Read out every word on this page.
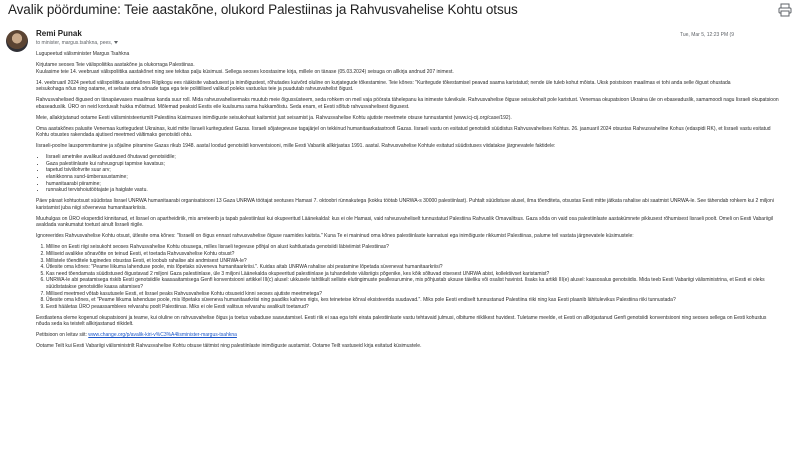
Avalik pöördumine: Teie aastakõne, olukord Palestiinas ja Rahvusvahelise Kohtu otsus
Remi Punak
to minister, margus.tsahkna, pees,
Tue, Mar 5, 12:23 PM (9
Lugupeetud välisminister Margus Tsahkna
Kirjutame seoses Teie välispoliitika aastakõne ja olukorraga Palestiinas.
Kuulasime teie 14. veebruari välispoliitika aastakõnet ning see tekitas palju küsimusi. Sellega seoses koostasime kirja, millele on tänase (05.03.2024) seisuga on allkirja andnud 207 inimest.
14. veebruaril 2024 peetud välispoliitika aastakõnes Riigikogu ees rääkisite vabadusest ja inimõigustest, rõhutades kuivõrd oluline on kurjategude tõkestamine. Teie kõnes: "Kuritegude tõkestamisel peavad saama karistatud; nende üle tuleb kohut mõista. Uksk poistsioon maailmas ei tohi anda selle õigust ohustada
seisukohaga nõus ning oatame, et selsate oma sõnade taga ega teie poliitilised valikud poleks vastuolus teie ja puudutab rahvusvahelist õigust.
Rahvusvahelised õigused on tänapäevases maailmas kanda suur roll. Mida rahvusvahelisemaks muutub meie õigussüsteem, seda rohkem on meil vaja pöörata tähelepanu ka inimeste tulevikule. Rahvusvahelise õiguse seisukohalt pole karistust. Venemaa okupatsioon Ukraina üle on ebaseaduslik, samamoodi nagu Iisraeli okupatsioon
ebaseaduslik. ÜRO on neid korduvalt hukka mõistnud. Mõlemad peaksid Eestis eile kuulsuma sama hukkamõistu. Seda enam, et Eesti sõltub rahvusvahelisest õigusest.
Meie, allakirjutanud ootame Eesti välisministeeriumilt Palestiina küsimuses inimõiguste seisukohast kaitsmist just seisamist ja. Rahvusvahelise Kohtu ajutiste meetmete otsuse tunnustamist (www.icj-cij.org/case/192).
Oma aastakõnes palusite Venemaa kuritegudest Ukrainas, kuid mitte Iisraeli kuritegudest Gazas. Iisraeli sõjategevuse tagajärjel on tekkinud humanitaarkatastroofi Gazas. Iisraeli vastu on esitatud genotsiidi süüdistus Rahvusvahelises Kohtus. 26. jaanuaril 2024 otsustas Rahvusvaheline Kohus (edaspidi RK), et Iisraeli vastu esitatud
Kohtu otsustes rakendada ajutised meetmed vältimaks genotsiidi ohtu.
Iisraeli-poolne lauspommitamine ja sõjaline piiramine Gazas rikub 1948. aastal loodud genotsiidi konventsiooni, mille Eesti Vabariik allkirjastas 1991. aastal. Rahvusvahelise Kohtule esitatud süüdistuses viidatakse järgnevatele faktidele:
• Iisraeli ametnike avalikud avaldused õhutavad genotsiidile;
• Gaza palestiinlaste kui rahvusgrupi tapmise kavatsus;
• tapetud tsiviilohvrite suur arv;
• elanikkonna sund-ümberasustamine;
• humanitaarabi piiramine;
• runnakud tervishoiutöötajate ja haiglate vastu.
Päev pärast kohtuotsust süüdistas Iisrael UNRWA humanitaarabi organisatsiooni 13 Gaza UNRWA töötajat seotuses Hamasi 7. oktoobri rünnakutega (kokku töötab UNRWA-s 30000 palestiinlast). Puhtalt süüdistuse alusel, ilma tõenditeta, otsustas Eesti mitte jätkata rahalise abi saatmist UNRWA-le. See tähendab rohkem kui 2 miljoni
karistamist juba niigi sõvenevas humanitaarkriisis.
Muuhulgas on ÜRO eksperdid kinnitanud, et Iisrael on apartheidiriik, mis arreteerib ja tapab palestiinlasi kui okupeeritud Läänekaldal: kus ei ole Hamasi, vaid rahvusvaheliselt tunnustatud Palestiina Rahvuslik Omavalitsus. Gaza sõda on vaid osa palestiinlaste aastakümnete pikkusest rõhumisest Iisraeli poolt. Omeli on Eesti Vabariigil
avaldada vankumatut toetust ainult Iisraeli riigile.
Ignoreerides Rahvusvahelise Kohtu otsust, ütlesite oma kõnes: "Iisraelil on õigus ennast rahvusvahelise õiguse raamides kaitsta." Kuna Te ei maininud oma kõnes palestiinlaste kannatusi ega inimõiguste rikkumist Palestiinas, palume teil vastata järgnevatele küsimustele:
1. Milline on Eesti riigi seisukoht seoses Rahvusvahelise Kohtu otsusega, milles Iisraeli tegevuse põhjal on alust kahtlustada genotsiidi läbiviimist Palestiinas?
2. Milliseid avalikke sõnavõtte on teinud Eesti, et toetada Rahvusvahelise Kohtu otsust?
3. Millistele tõenditele tuginedes otsustas Eesti, et loobub rahalise abi andmisest UNRWA-le?
4. Ütlesite oma kõnes: "Peame liikuma lahenduse poole, mis lõpetaks süveneva humanitaarkriisi.". Kuidas aitab UNRWA rahalise abi peatamine lõpetada süvenevat humanitaarkriisi?
5. Kas need tõendamata süüdistused õigustavad 2 miljoni Gaza palestiinlase, üle 3 miljoni Läänekalda okupeeritud palestiinlase ja tuhandeliste välisriigis põgenike, kes kõik sõltuvad otsesest UNRWA abist, kollektiivset karistamist?
6. UNRWA-le abi peatamisega riskib Eesti genotsiidile kaasaaitamisega Genfi konventsiooni artikkel III(c) alusel: ukkusele tahtlikult selliste elutingimuste peallesurumine, mis põhjustab uksuse täieliku või osalist havinist. Ilsaks ka artikli III(e) alusel: kaasosalus genotsiidis. Mida teeb Eesti Vabariigi välisministrina, et Eesti ei oleks
süüdistatakse genotsiidile kaasa aitamises?
7. Millised meetmed võtab kasutusele Eesti, et Iisrael peaks Rahvusvahelise Kohtu otsuseid kinni seoses ajutiste meetmetega?
8. Ütlesite oma kõnes, et "Peame liikuma lahenduse poole, mis lõpetaks süveneva humanitaarkriisi ning paadiks kahnes riigis, kes teineteise kõrval eksisteerida suudavad.". Miks pole Eesti endiselt tunnustanud Palestiina riiki ning kas Eesti plaanib lähitulevikus Palestiina riiki tunnustada?
9. Eesti hääletas ÜRO peaassamblees relvarahu poolt Palestiinas. Miks ei ole Eesti valitsus relvarahu avalikult toetanud?
Eestlastena oleme kogenud okupatsiooni ja teame, kui oluline on rahvusvahelise õigus ja toetus vabaduse saavutamisel. Eesti riik ei saa ega tohi eirata palestiinlaste vastu tehtavaid julmusi, olbitume riiklikest huvidest. Tuletame meelde, et Eesti on allkirjastanud Genfi genotsiidi konventsiooni ning seoses sellega on Eesti kohustus
nõuda seda ka teistelt allkirjastanud riikidelt.
Petitsioon on leitav siit: www.change.org/p/avalik-kiri-v%C3%A4lisminister-margus-tsahkna
Ootame Teilt kui Eesti Vabariigi välisministrilt Rahvusvahelise Kohtu otsuse täitmist ning palestiinlaste inimõiguste austamist. Ootame Teilt vastuseid kirja esitatud küsimustele.
